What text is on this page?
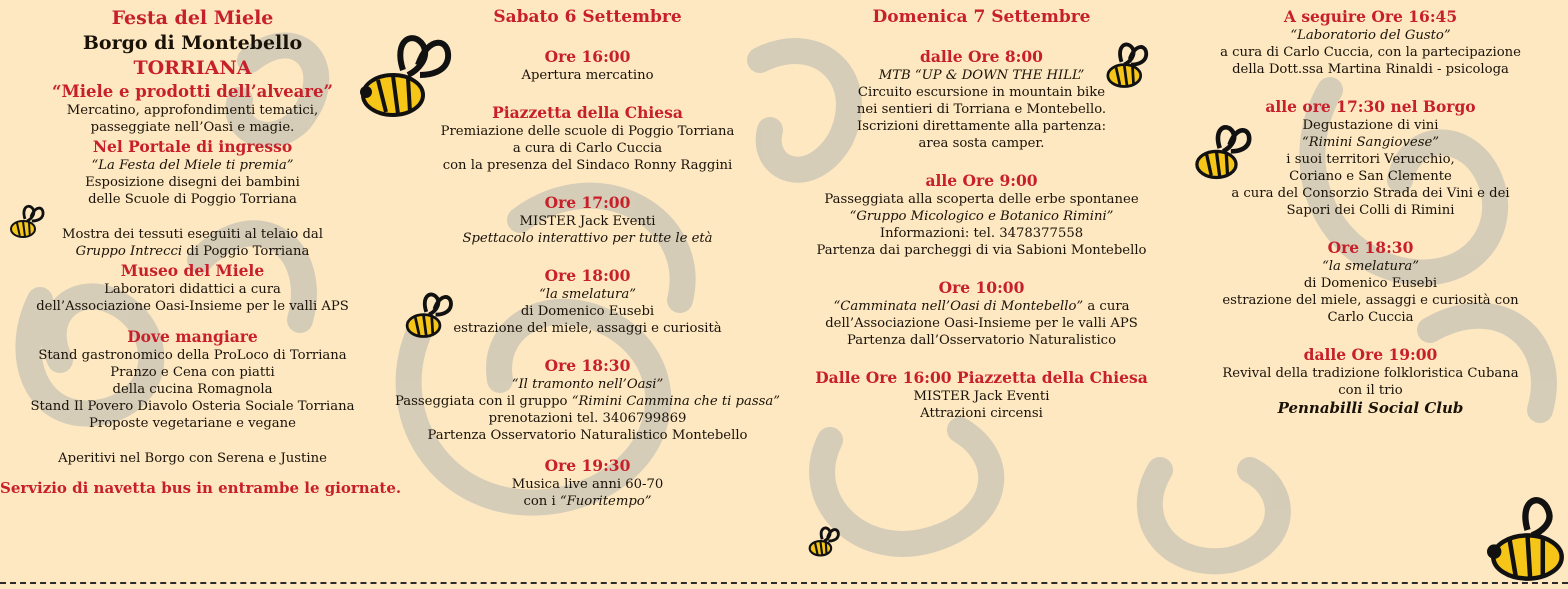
Festa del Miele
Borgo di Montebello
TORRIANA
“Miele e prodotti dell’alveare”
Mercatino, approfondimenti tematici,
passeggiate nell’Oasi e magie.
Nel Portale di ingresso
“La Festa del Miele ti premia”
Esposizione disegni dei bambini
delle Scuole di Poggio Torriana
Mostra dei tessuti eseguiti al telaio dal
Gruppo Intrecci di Poggio Torriana
Museo del Miele
Laboratori didattici a cura
dell’Associazione Oasi-Insieme per le valli APS
Dove mangiare
Stand gastronomico della ProLoco di Torriana
Pranzo e Cena con piatti
della cucina Romagnola
Stand Il Povero Diavolo Osteria Sociale Torriana
Proposte vegetariane e vegane
Aperitivi nel Borgo con Serena e Justine
Servizio di navetta bus in entrambe le giornate.
Sabato 6 Settembre
Ore 16:00
Apertura mercatino
Piazzetta della Chiesa
Premiazione delle scuole di Poggio Torriana
a cura di Carlo Cuccia
con la presenza del Sindaco Ronny Raggini
Ore 17:00
MISTER Jack Eventi
Spettacolo interattivo per tutte le età
Ore 18:00
“la smelatura”
di Domenico Eusebi
estrazione del miele, assaggi e curiosità
Ore 18:30
“Il tramonto nell’Oasi”
Passeggiata con il gruppo “Rimini Cammina che ti passa”
prenotazioni tel. 3406799869
Partenza Osservatorio Naturalistico Montebello
Ore 19:30
Musica live anni 60-70
con i “Fuoritempo”
Domenica 7 Settembre
dalle Ore 8:00
MTB “UP & DOWN THE HILL”
Circuito escursione in mountain bike
nei sentieri di Torriana e Montebello.
Iscrizioni direttamente alla partenza:
area sosta camper.
alle Ore 9:00
Passeggiata alla scoperta delle erbe spontanee
“Gruppo Micologico e Botanico Rimini”
Informazioni: tel. 3478377558
Partenza dai parcheggi di via Sabioni Montebello
Ore 10:00
“Camminata nell’Oasi di Montebello” a cura
dell’Associazione Oasi-Insieme per le valli APS
Partenza dall’Osservatorio Naturalistico
Dalle Ore 16:00 Piazzetta della Chiesa
MISTER Jack Eventi
Attrazioni circensi
A seguire Ore 16:45
“Laboratorio del Gusto”
a cura di Carlo Cuccia, con la partecipazione
della Dott.ssa Martina Rinaldi - psicologa
alle ore 17:30 nel Borgo
Degustazione di vini
“Rimini Sangiovese”
i suoi territori Verucchio,
Coriano e San Clemente
a cura del Consorzio Strada dei Vini e dei
Sapori dei Colli di Rimini
Ore 18:30
“la smelatura”
di Domenico Eusebi
estrazione del miele, assaggi e curiosità con
Carlo Cuccia
dalle Ore 19:00
Revival della tradizione folkloristica Cubana
con il trio
Pennabilli Social Club
